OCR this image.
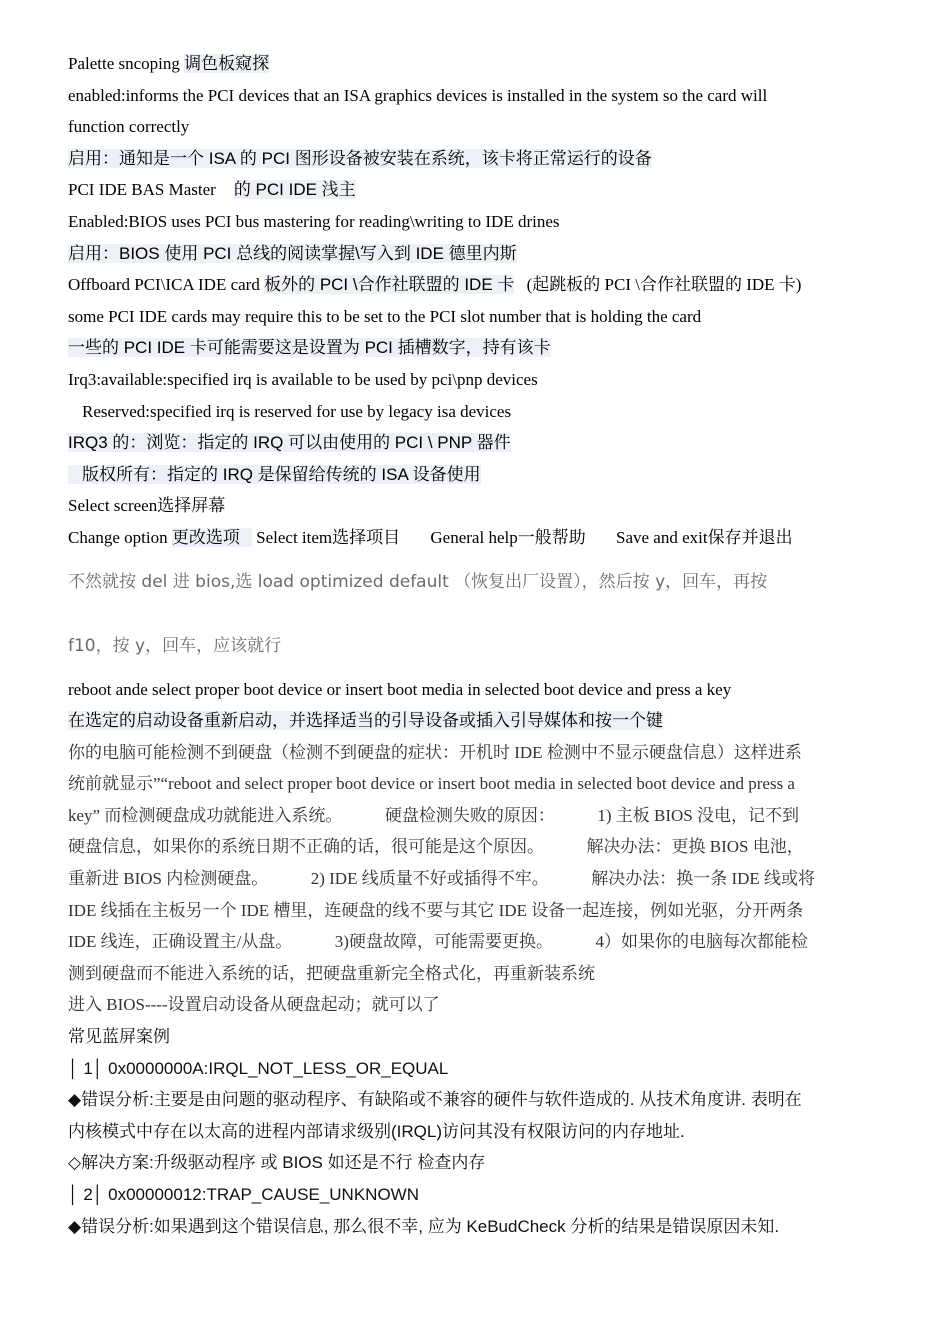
Palette sncoping 调色板窥探
enabled:informs the PCI devices that an ISA graphics devices is installed in the system so the card will
function correctly
启用：通知是一个 ISA 的 PCI 图形设备被安装在系统，该卡将正常运行的设备
PCI IDE BAS Master 的 PCI IDE 浅主
Enabled:BIOS uses PCI bus mastering for reading\writing to IDE drines
启用：BIOS 使用 PCI 总线的阅读掌握\写入到 IDE 德里内斯
Offboard PCI\ICA IDE card 板外的 PCI \合作社联盟的 IDE 卡 (起跳板的 PCI \合作社联盟的 IDE 卡)
some PCI IDE cards may require this to be set to the PCI slot number that is holding the card
一些的 PCI IDE 卡可能需要这是设置为 PCI 插槽数字，持有该卡
Irq3:available:specified irq is available to be used by pci\pnp devices
Reserved:specified irq is reserved for use by legacy isa devices
IRQ3 的：浏览：指定的 IRQ 可以由使用的 PCI \ PNP 器件
版权所有：指定的 IRQ 是保留给传统的 ISA 设备使用
Select screen选择屏幕
Change option 更改选项 Select item选择项目 General help一般帮助 Save and exit保存并退出
不然就按 del 进 bios,选 load optimized default （恢复出厂设置），然后按 y，回车，再按
f10，按 y，回车，应该就行
reboot ande select proper boot device or insert boot media in selected boot device and press a key
在选定的启动设备重新启动，并选择适当的引导设备或插入引导媒体和按一个键
你的电脑可能检测不到硬盘（检测不到硬盘的症状：开机时 IDE 检测中不显示硬盘信息）这样进系
统前就显示”“reboot and select proper boot device or insert boot media in selected boot device and press a
key” 而检测硬盘成功就能进入系统。　　　硬盘检测失败的原因：　　　1) 主板 BIOS 没电，记不到
硬盘信息，如果你的系统日期不正确的话，很可能是这个原因。　　　解决办法：更换 BIOS 电池，
重新进 BIOS 内检测硬盘。　　　2) IDE 线质量不好或插得不牢。　　　解决办法：换一条 IDE 线或将
IDE 线插在主板另一个 IDE 槽里，连硬盘的线不要与其它 IDE 设备一起连接，例如光驱，分开两条
IDE 线连，正确设置主/从盘。　　　3)硬盘故障，可能需要更换。　　　4）如果你的电脑每次都能检
测到硬盘而不能进入系统的话，把硬盘重新完全格式化，再重新装系统
进入 BIOS----设置启动设备从硬盘起动；就可以了
常见蓝屏案例
│ 1│ 0x0000000A:IRQL_NOT_LESS_OR_EQUAL
◆错误分析:主要是由问题的驱动程序、有缺陷或不兼容的硬件与软件造成的. 从技术角度讲. 表明在
内核模式中存在以太高的进程内部请求级别(IRQL)访问其没有权限访问的内存地址.
◇解决方案:升级驱动程序 或 BIOS 如还是不行 检查内存
│ 2│ 0x00000012:TRAP_CAUSE_UNKNOWN
◆错误分析:如果遇到这个错误信息, 那么很不幸, 应为 KeBudCheck 分析的结果是错误原因未知.
